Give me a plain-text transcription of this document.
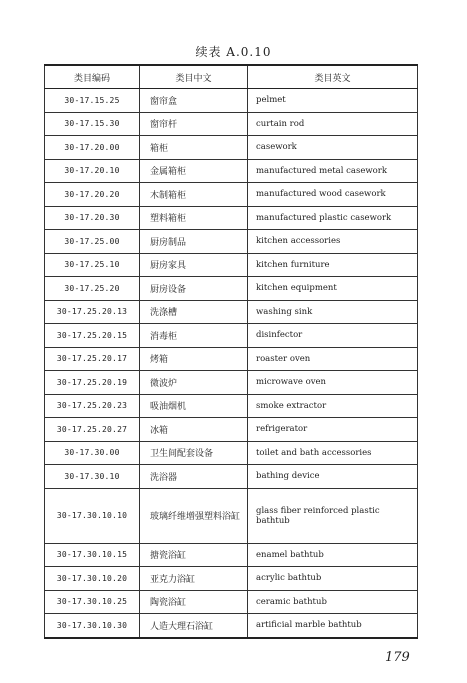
续表 A.0.10
类目编码	类目中文	类目英文
30-17.15.25	窗帘盒	pelmet
30-17.15.30	窗帘杆	curtain rod
30-17.20.00	箱柜	casework
30-17.20.10	金属箱柜	manufactured metal casework
30-17.20.20	木制箱柜	manufactured wood casework
30-17.20.30	塑料箱柜	manufactured plastic casework
30-17.25.00	厨房制品	kitchen accessories
30-17.25.10	厨房家具	kitchen furniture
30-17.25.20	厨房设备	kitchen equipment
30-17.25.20.13	洗涤槽	washing sink
30-17.25.20.15	消毒柜	disinfector
30-17.25.20.17	烤箱	roaster oven
30-17.25.20.19	微波炉	microwave oven
30-17.25.20.23	吸油烟机	smoke extractor
30-17.25.20.27	冰箱	refrigerator
30-17.30.00	卫生间配套设备	toilet and bath accessories
30-17.30.10	洗浴器	bathing device
30-17.30.10.10	玻璃纤维增强塑料浴缸	glass fiber reinforced plastic bathtub
30-17.30.10.15	搪瓷浴缸	enamel bathtub
30-17.30.10.20	亚克力浴缸	acrylic bathtub
30-17.30.10.25	陶瓷浴缸	ceramic bathtub
30-17.30.10.30	人造大理石浴缸	artificial marble bathtub
179
